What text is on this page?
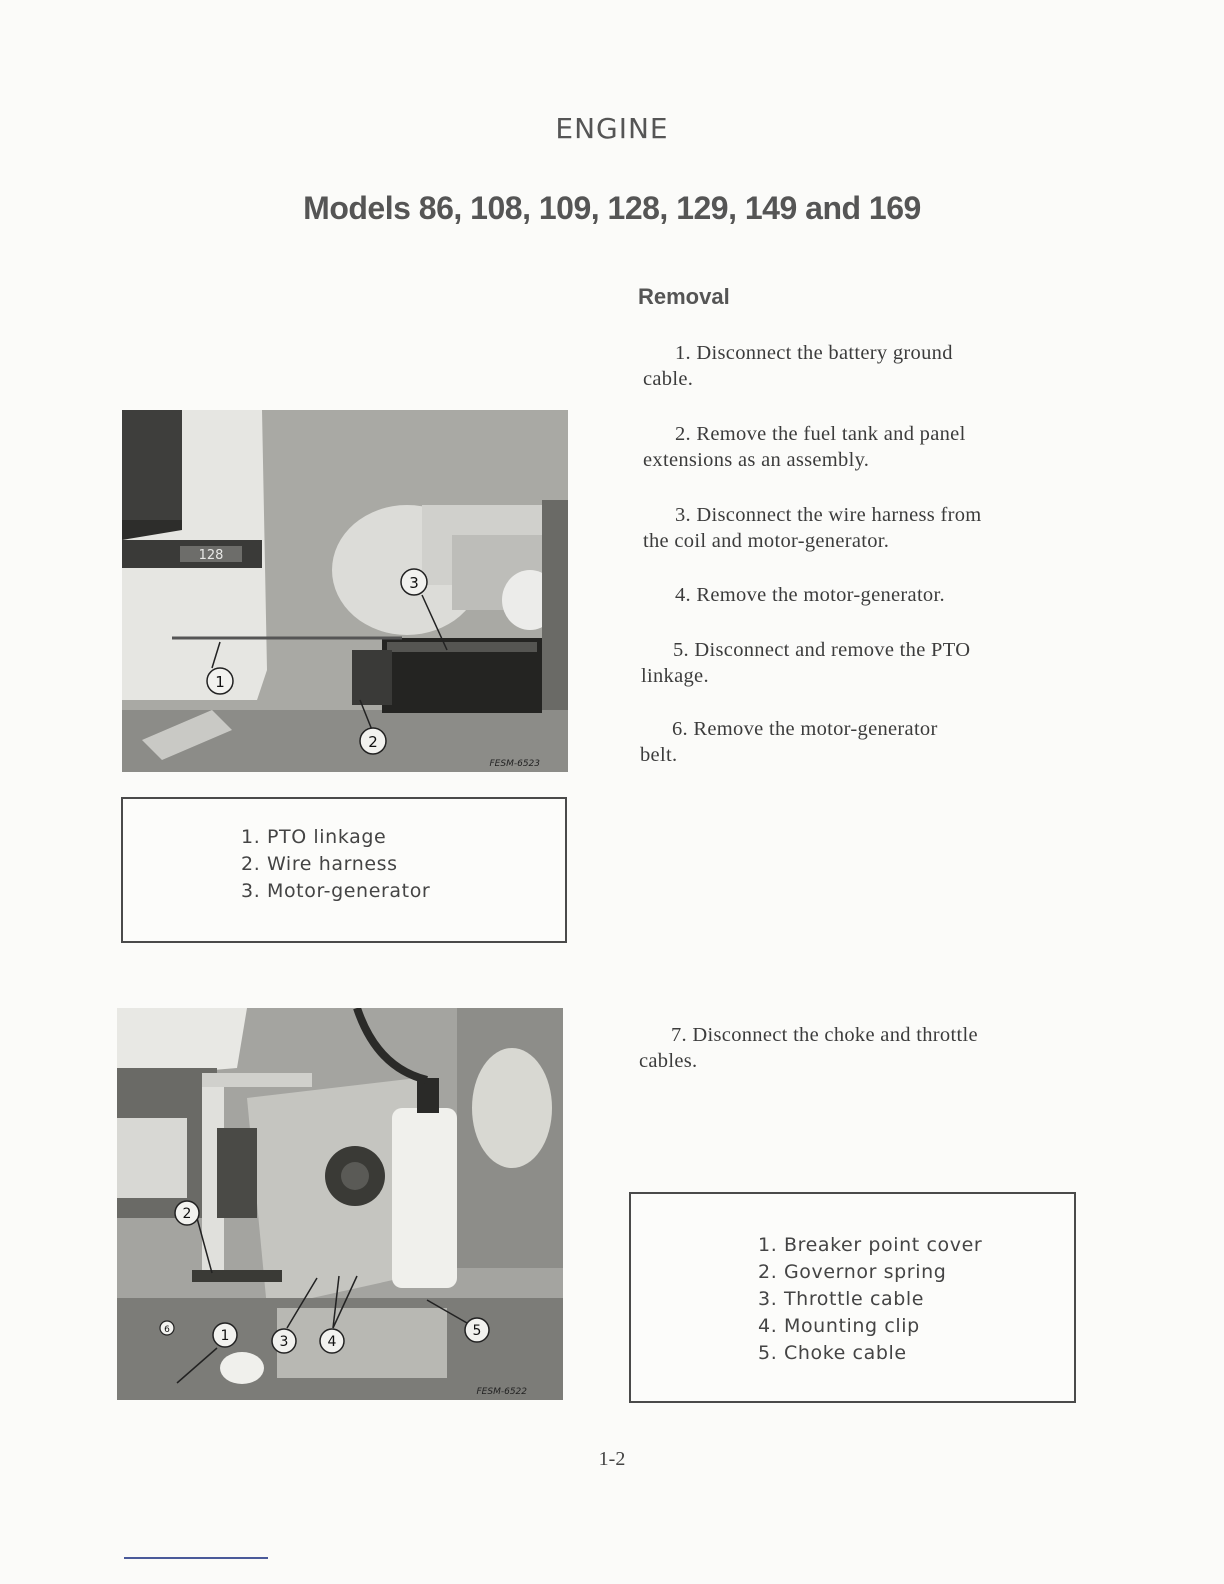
ENGINE
Models 86, 108, 109, 128, 129, 149 and 169
Removal
1. Disconnect the battery ground
cable.
2. Remove the fuel tank and panel
extensions as an assembly.
3. Disconnect the wire harness from
the coil and motor-generator.
4. Remove the motor-generator.
5. Disconnect and remove the PTO
linkage.
6. Remove the motor-generator
belt.
7. Disconnect the choke and throttle
cables.
128
1
2
3
FESM-6523
1. PTO linkage
2. Wire harness
3. Motor-generator
2
1	3	4
5
6
FESM-6522
1. Breaker point cover
2. Governor spring
3. Throttle cable
4. Mounting clip
5. Choke cable
1-2
